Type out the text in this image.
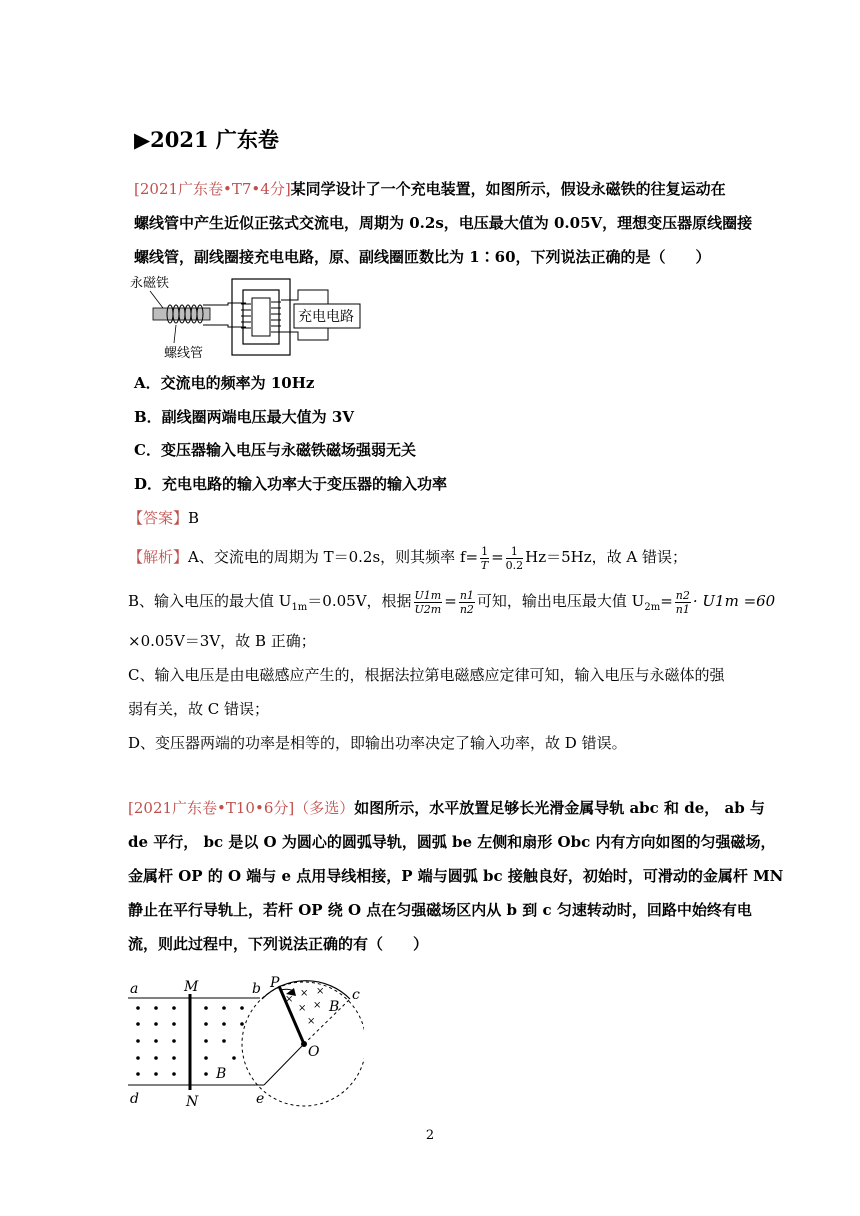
▶2021 广东卷
[2021广东卷•T7•4分]某同学设计了一个充电装置，如图所示，假设永磁铁的往复运动在
螺线管中产生近似正弦式交流电，周期为 0.2s，电压最大值为 0.05V，理想变压器原线圈接
螺线管，副线圈接充电电路，原、副线圈匝数比为 1∶60，下列说法正确的是（　　）
永磁铁
螺线管
充电电路
A．交流电的频率为 10Hz
B．副线圈两端电压最大值为 3V
C．变压器输入电压与永磁铁磁场强弱无关
D．充电电路的输入功率大于变压器的输入功率
【答案】B
【解析】A、交流电的周期为 T＝0.2s，则其频率 $f= \frac{1}{T} = \frac{1}{0.2} Hz=5Hz$，故 A 错误；
B、输入电压的最大值 $U_{1m}=0.05V$，根据 $\frac{U1m}{U2m} = \frac{n1}{n2}$ 可知，输出电压最大值 $U_{2m}= \frac{n2}{n1} \cdot U1m =60$
×0.05V＝3V，故 B 正确；
C、输入电压是由电磁感应产生的，根据法拉第电磁感应定律可知，输入电压与永磁体的强
弱有关，故 C 错误；
D、变压器两端的功率是相等的，即输出功率决定了输入功率，故 D 错误。
[2021广东卷•T10•6分]（多选）如图所示，水平放置足够长光滑金属导轨 abc 和 de， ab 与
de 平行， bc 是以 O 为圆心的圆弧导轨，圆弧 be 左侧和扇形 Obc 内有方向如图的匀强磁场，
金属杆 OP 的 O 端与 e 点用导线相接，P 端与圆弧 bc 接触良好，初始时，可滑动的金属杆 MN
静止在平行导轨上，若杆 OP 绕 O 点在匀强磁场区内从 b 到 c 匀速转动时，回路中始终有电
流，则此过程中，下列说法正确的有（　　）
×
× ×
× ×
×
a	M	b P
c
B
O
B
d	N	e
2
